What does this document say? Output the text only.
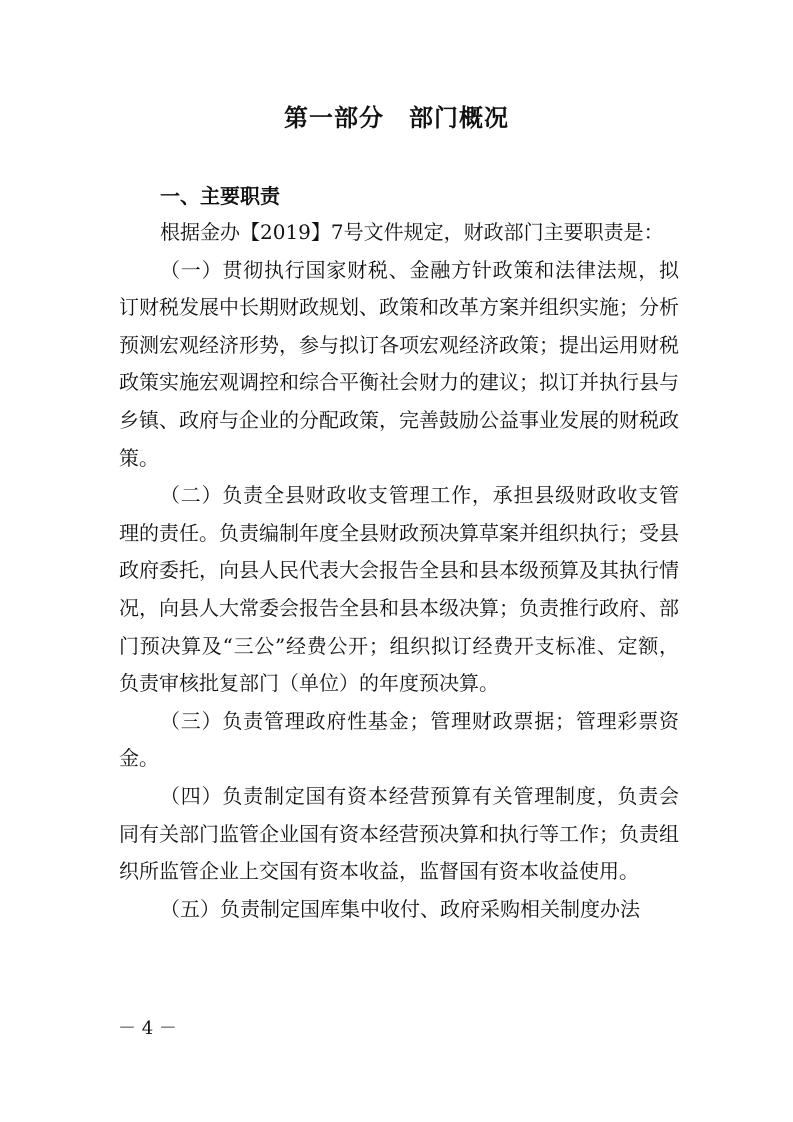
第一部分　部门概况
一、主要职责

根据金办【2019】7号文件规定，财政部门主要职责是：

（一）贯彻执行国家财税、金融方针政策和法律法规，拟订财税发展中长期财政规划、政策和改革方案并组织实施；分析预测宏观经济形势，参与拟订各项宏观经济政策；提出运用财税政策实施宏观调控和综合平衡社会财力的建议；拟订并执行县与乡镇、政府与企业的分配政策，完善鼓励公益事业发展的财税政策。

（二）负责全县财政收支管理工作，承担县级财政收支管理的责任。负责编制年度全县财政预决算草案并组织执行；受县政府委托，向县人民代表大会报告全县和县本级预算及其执行情况，向县人大常委会报告全县和县本级决算；负责推行政府、部门预决算及“三公”经费公开；组织拟订经费开支标准、定额，负责审核批复部门（单位）的年度预决算。

（三）负责管理政府性基金；管理财政票据；管理彩票资金。

（四）负责制定国有资本经营预算有关管理制度，负责会同有关部门监管企业国有资本经营预决算和执行等工作；负责组织所监管企业上交国有资本收益，监督国有资本收益使用。

（五）负责制定国库集中收付、政府采购相关制度办法

－ 4 －
